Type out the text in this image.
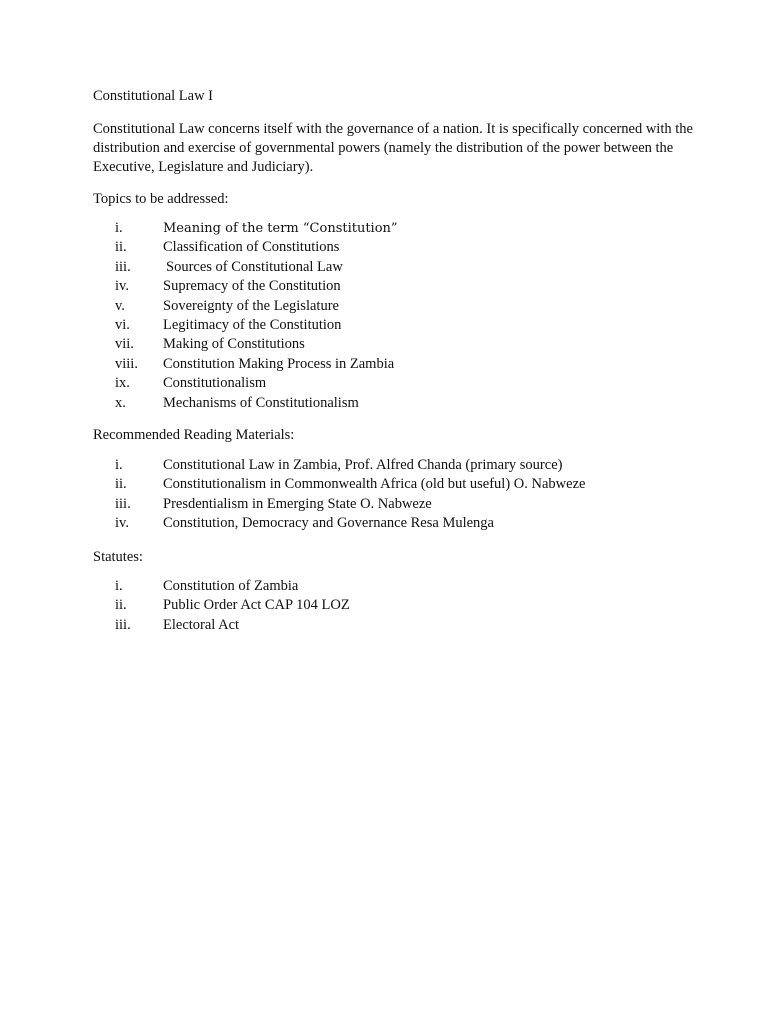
Constitutional Law I

Constitutional Law concerns itself with the governance of a nation. It is specifically concerned with the distribution and exercise of governmental powers (namely the distribution of the power between the Executive, Legislature and Judiciary).

Topics to be addressed:
i.	Meaning of the term “Constitution”
ii.	Classification of Constitutions
iii.	Sources of Constitutional Law
iv.	Supremacy of the Constitution
v.	Sovereignty of the Legislature
vi.	Legitimacy of the Constitution
vii.	Making of Constitutions
viii.	Constitution Making Process in Zambia
ix.	Constitutionalism
x.	Mechanisms of Constitutionalism
Recommended Reading Materials:
i.	Constitutional Law in Zambia, Prof. Alfred Chanda (primary source)
ii.	Constitutionalism in Commonwealth Africa (old but useful) O. Nabweze
iii.	Presdentialism in Emerging State O. Nabweze
iv.	Constitution, Democracy and Governance Resa Mulenga
Statutes:
i.	Constitution of Zambia
ii.	Public Order Act CAP 104 LOZ
iii.	Electoral Act
